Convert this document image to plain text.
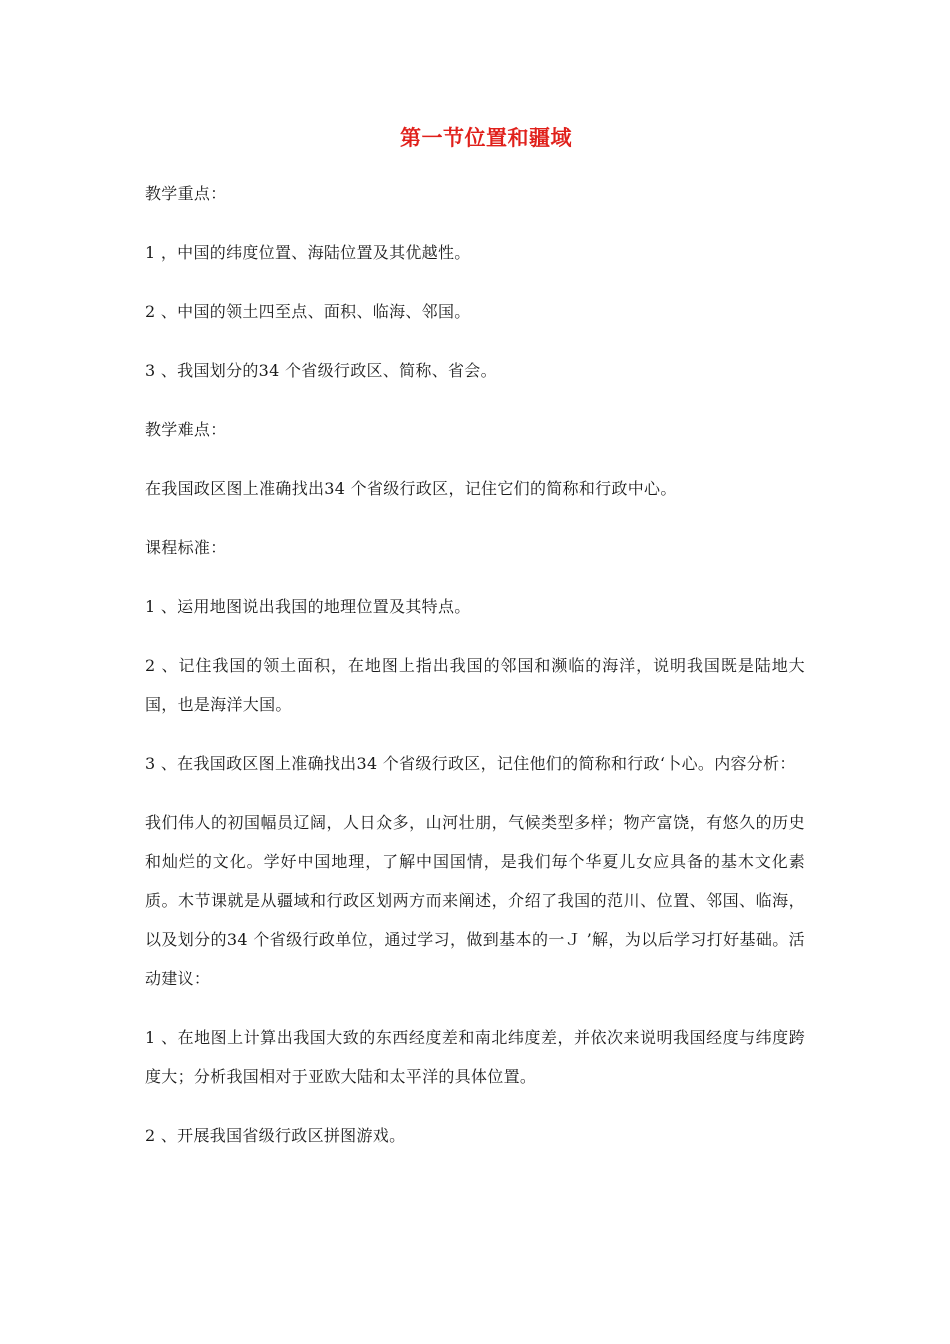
第一节位置和疆域

教学重点：

1 ，中国的纬度位置、海陆位置及其优越性。

2 、中国的领土四至点、面积、临海、邻国。

3 、我国划分的34 个省级行政区、简称、省会。

教学难点：

在我国政区图上准确找出34 个省级行政区，记住它们的简称和行政中心。

课程标准：

1 、运用地图说出我国的地理位置及其特点。

2 、记住我国的领土面积，在地图上指出我国的邻国和濒临的海洋，说明我国既是陆地大国，也是海洋大国。

3 、在我国政区图上准确找出34 个省级行政区，记住他们的简称和行政‘卜心。内容分析：

我们伟人的初国幅员辽阔，人日众多，山河壮朋，气候类型多样；物产富饶，有悠久的历史和灿烂的文化。学好中国地理，了解中国国情，是我们毎个华夏儿女应具备的基木文化素质。木节课就是从疆域和行政区划两方而来阐述，介绍了我国的范川、位置、邻国、临海，以及划分的34 个省级行政单位，通过学习，做到基本的一Ｊ ’解，为以后学习打好基础。活动建议：

1 、在地图上计算出我国大致的东西经度差和南北纬度差，并依次来说明我国经度与纬度跨度大；分析我国相对于亚欧大陆和太平洋的具体位置。

2 、开展我国省级行政区拼图游戏。
